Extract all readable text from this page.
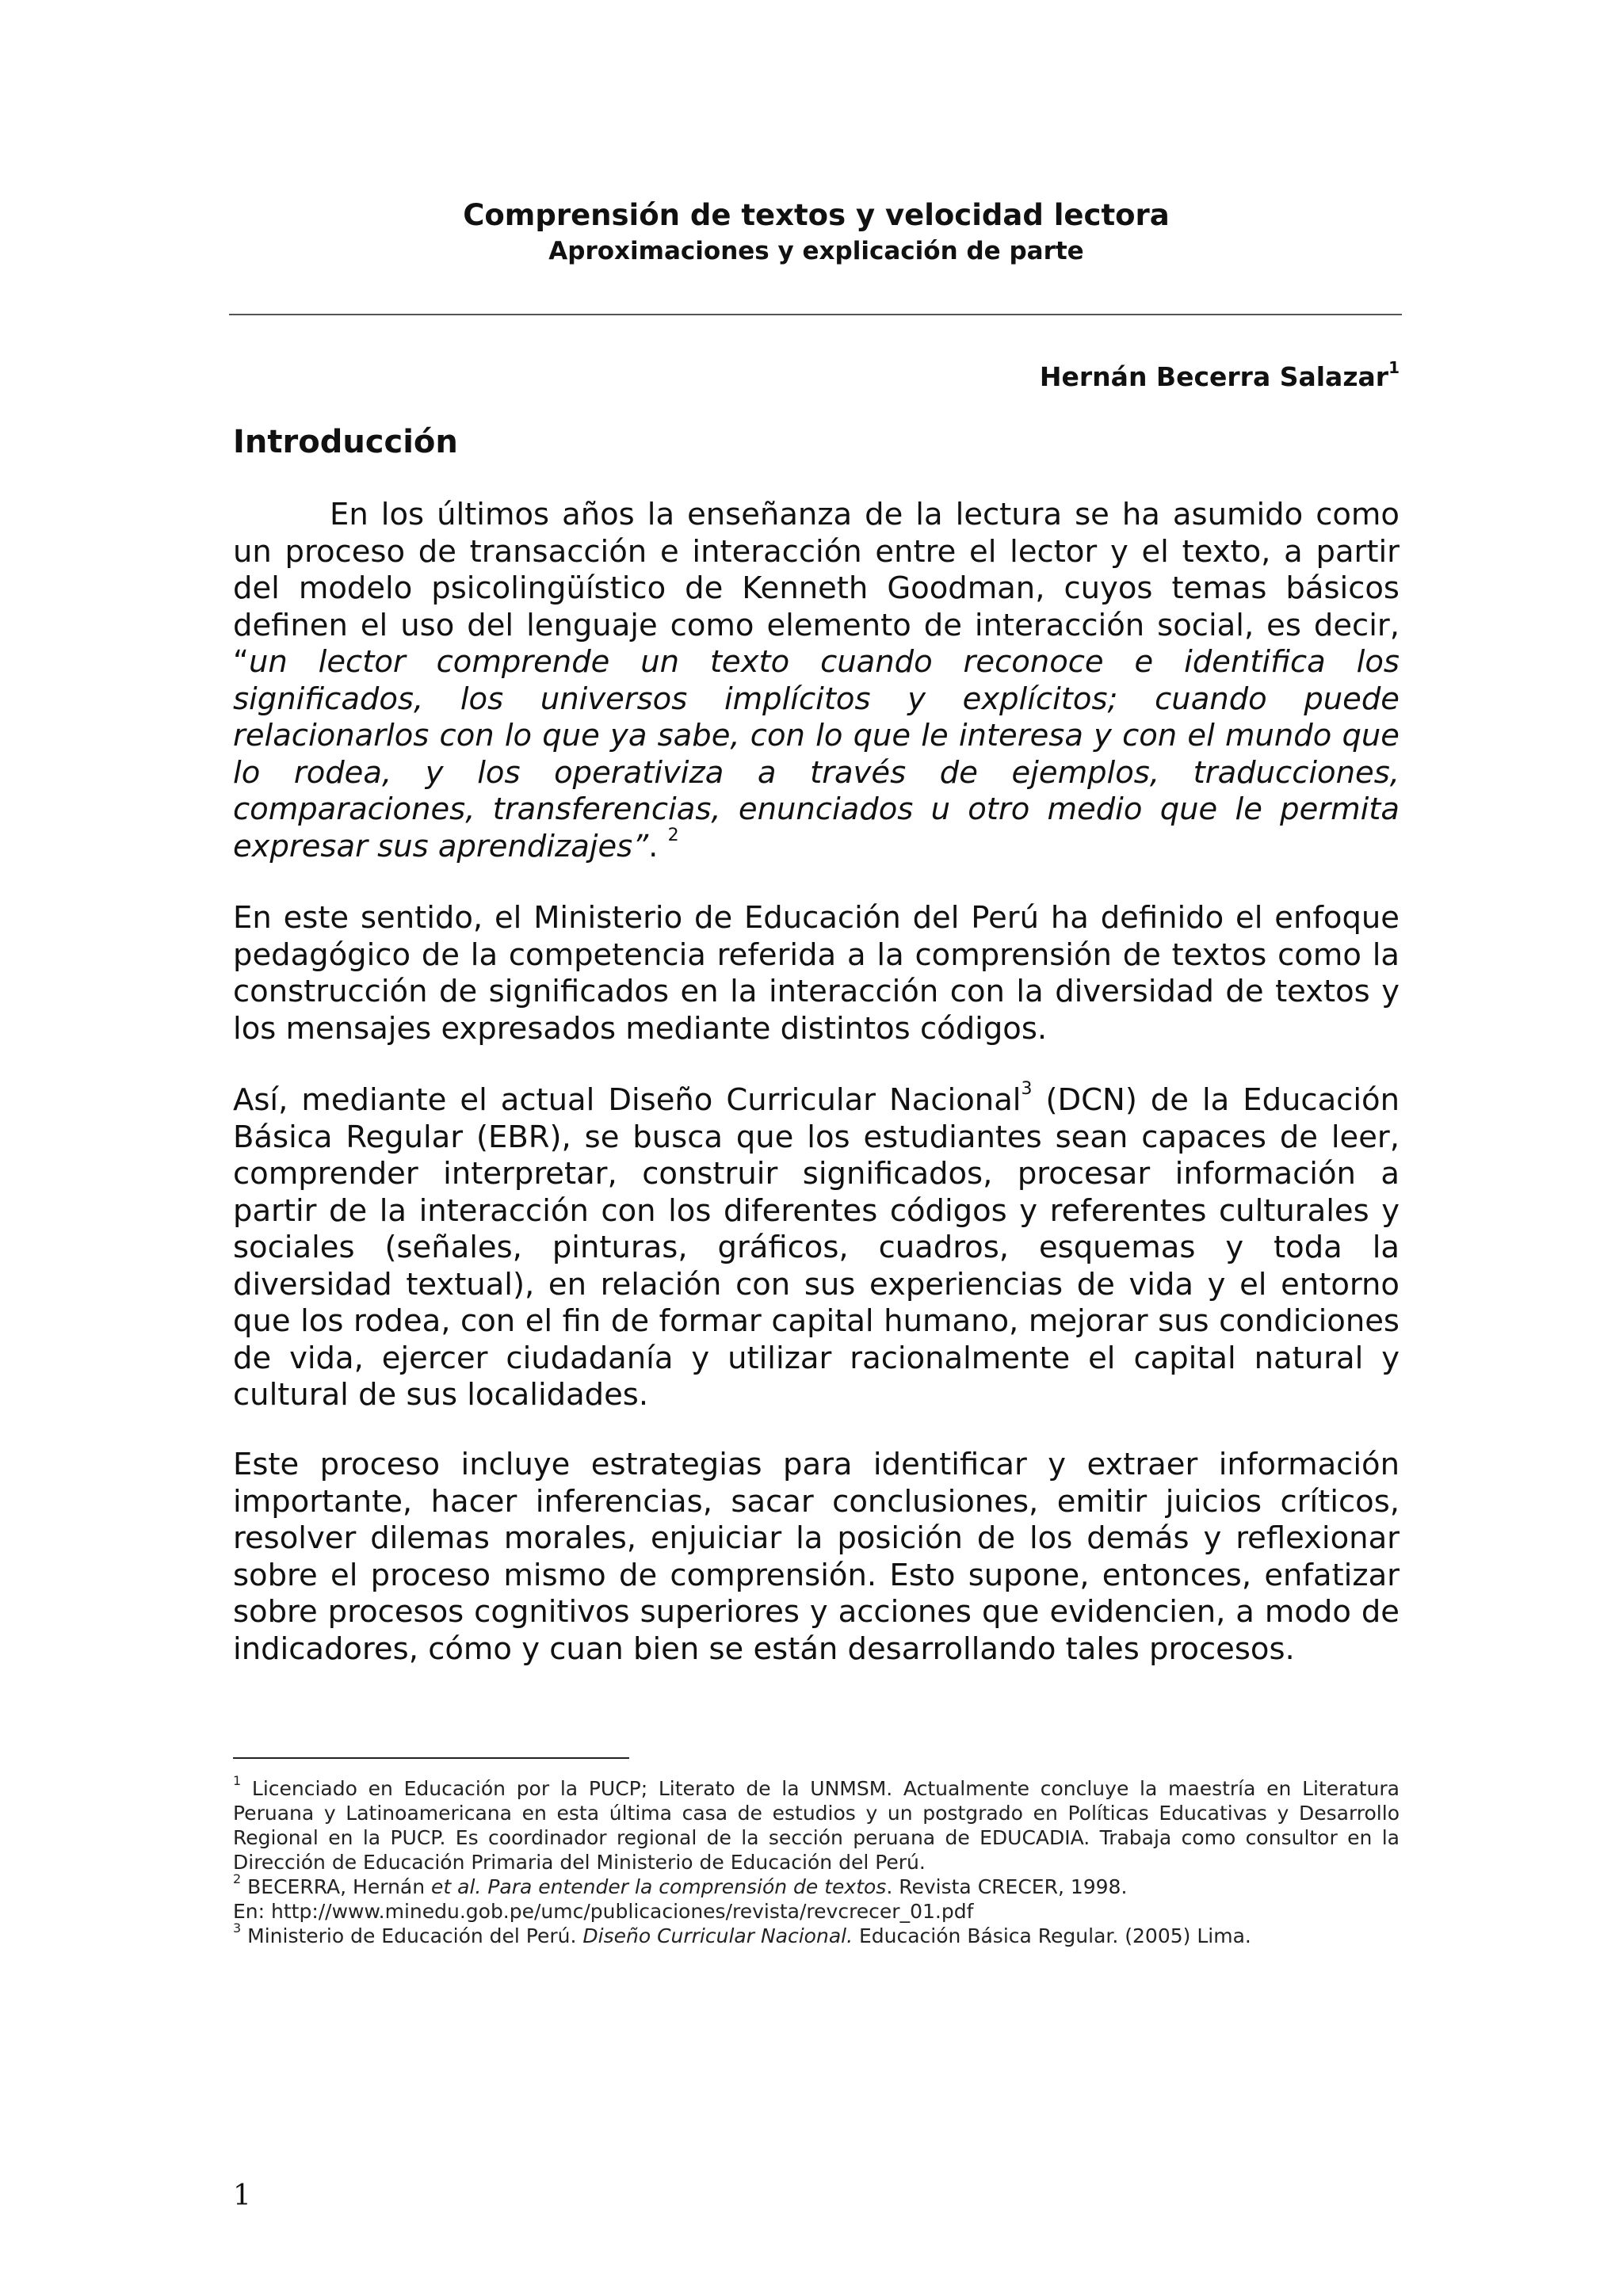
Comprensión de textos y velocidad lectora
Aproximaciones y explicación de parte
Hernán Becerra Salazar$^1$
Introducción

En los últimos años la enseñanza de la lectura se ha asumido como un proceso de transacción e interacción entre el lector y el texto, a partir del modelo psicolingüístico de Kenneth Goodman, cuyos temas básicos definen el uso del lenguaje como elemento de interacción social, es decir, “un lector comprende un texto cuando reconoce e identifica los significados, los universos implícitos y explícitos; cuando puede relacionarlos con lo que ya sabe, con lo que le interesa y con el mundo que lo rodea, y los operativiza a través de ejemplos, traducciones, comparaciones, transferencias, enunciados u otro medio que le permita expresar sus aprendizajes”. $^2$

En este sentido, el Ministerio de Educación del Perú ha definido el enfoque pedagógico de la competencia referida a la comprensión de textos como la construcción de significados en la interacción con la diversidad de textos y los mensajes expresados mediante distintos códigos.

Así, mediante el actual Diseño Curricular Nacional$^3$ (DCN) de la Educación Básica Regular (EBR), se busca que los estudiantes sean capaces de leer, comprender interpretar, construir significados, procesar información a partir de la interacción con los diferentes códigos y referentes culturales y sociales (señales, pinturas, gráficos, cuadros, esquemas y toda la diversidad textual), en relación con sus experiencias de vida y el entorno que los rodea, con el fin de formar capital humano, mejorar sus condiciones de vida, ejercer ciudadanía y utilizar racionalmente el capital natural y cultural de sus localidades.

Este proceso incluye estrategias para identificar y extraer información importante, hacer inferencias, sacar conclusiones, emitir juicios críticos, resolver dilemas morales, enjuiciar la posición de los demás y reflexionar sobre el proceso mismo de comprensión. Esto supone, entonces, enfatizar sobre procesos cognitivos superiores y acciones que evidencien, a modo de indicadores, cómo y cuan bien se están desarrollando tales procesos.

$^1$ Licenciado en Educación por la PUCP; Literato de la UNMSM. Actualmente concluye la maestría en Literatura Peruana y Latinoamericana en esta última casa de estudios y un postgrado en Políticas Educativas y Desarrollo Regional en la PUCP. Es coordinador regional de la sección peruana de EDUCADIA. Trabaja como consultor en la Dirección de Educación Primaria del Ministerio de Educación del Perú.

$^2$ BECERRA, Hernán et al. Para entender la comprensión de textos. Revista CRECER, 1998.

En: http://www.minedu.gob.pe/umc/publicaciones/revista/revcrecer_01.pdf

$^3$ Ministerio de Educación del Perú. Diseño Curricular Nacional. Educación Básica Regular. (2005) Lima.

1
